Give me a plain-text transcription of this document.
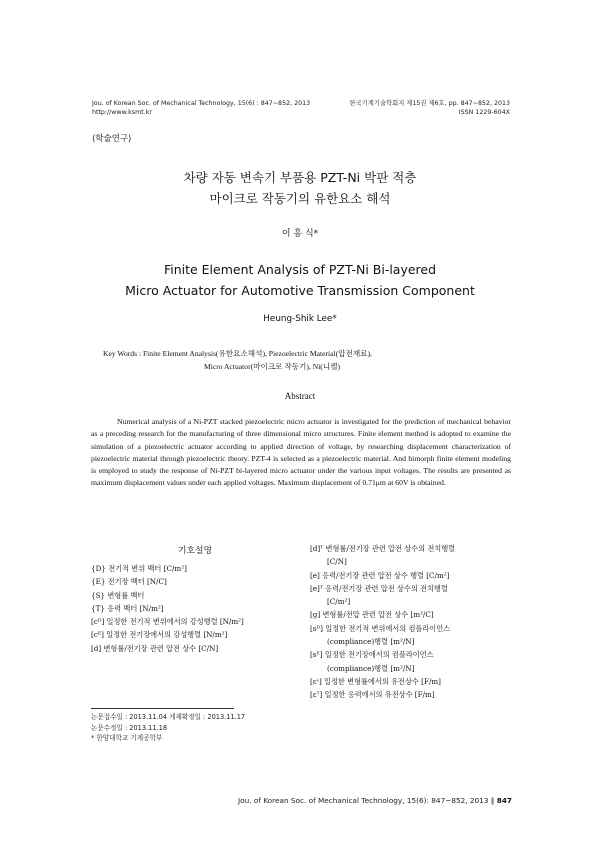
Jou. of Korean Soc. of Mechanical Technology, 15(6) : 847~852, 2013
http://www.ksmt.kr
한국기계기술학회지 제15권 제6호, pp. 847~852, 2013
ISSN 1229-604X
⟨학술연구⟩
차량 자동 변속기 부품용 PZT-Ni 박판 적층
마이크로 작동기의 유한요소 해석
이 흥 식*
Finite Element Analysis of PZT-Ni Bi-layered
Micro Actuator for Automotive Transmission Component
Heung-Shik Lee*
Key Words : Finite Element Analysis(유한요소해석), Piezoelectric Material(압전재료),
Micro Actuator(마이크로 작동기), Ni(니켈)
Abstract
Numerical analysis of a Ni-PZT stacked piezoelectric micro actuator is investigated for the prediction of mechanical behavior as a preceding research for the manufacturing of three dimensional micro structures. Finite element method is adopted to examine the simulation of a piezoelectric actuator according to applied direction of voltage, by researching displacement characterization of piezoelectric material through piezoelectric theory. PZT-4 is selected as a piezoelectric material. And bimorph finite element modeling is employed to study the response of Ni-PZT bi-layered micro actuator under the various input voltages. The results are presented as maximum displacement values under each applied voltages. Maximum displacement of 0.71μm at 60V is obtained.
기호설명
{D} 전기적 변위 백터 [C/m²]
{E} 전기장 백터 [N/C]
{S} 변형률 백터
{T} 응력 백터 [N/m²]
[cᴰ] 일정한 전기적 변위에서의 강성행렬 [N/m²]
[cᴱ] 일정한 전기장에서의 강성행렬 [N/m²]
[d] 변형률/전기장 관련 압전 상수 [C/N]
[d]ᵀ 변형률/전기장 관련 압전 상수의 전치행렬
[C/N]
[e] 응력/전기장 관련 압전 상수 행렬 [C/m²]
[e]ᵀ 응력/전기장 관련 압전 상수의 전치행렬
[C/m²]
[g] 변형률/전압 관련 압전 상수 [m²/C]
[sᴰ] 일정한 전기적 변위에서의 컴플라이언스
(compliance)행렬 [m²/N]
[sᴱ] 일정한 전기장에서의 컴플라이언스
(compliance)행렬 [m²/N]
[εˢ] 일정한 변형률에서의 유전상수 [F/m]
[εᵀ] 일정한 응력에서의 유전상수 [F/m]
논문접수일 : 2013.11.04 게재확정일 : 2013.11.17
논문수정일 : 2013.11.18
* 한양대학교 기계공학부
Jou. of Korean Soc. of Mechanical Technology, 15(6): 847~852, 2013 ∥ 847
